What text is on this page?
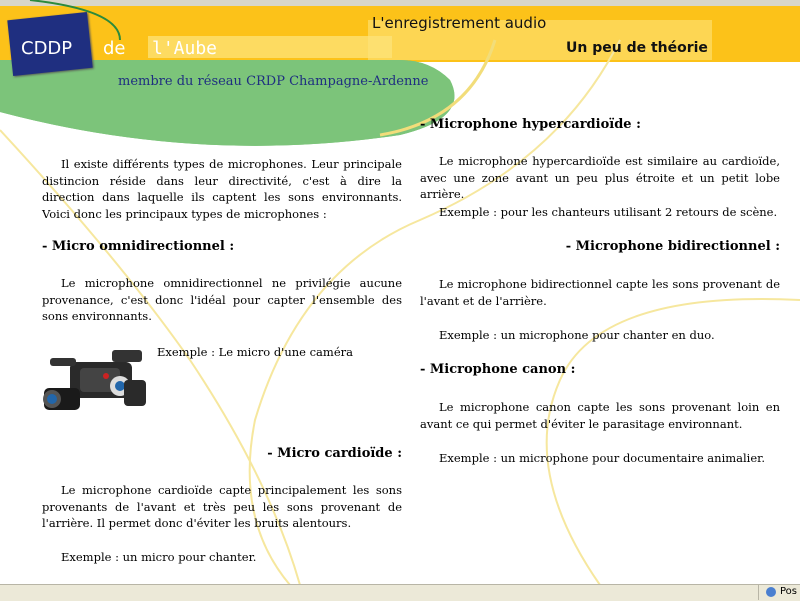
CDDP de l'Aube
L'enregistrement audio
Un peu de théorie
membre du réseau CRDP Champagne-Ardenne

Il existe différents types de microphones. Leur principale distincion réside dans leur directivité, c'est à dire la direction dans laquelle ils captent les sons environnants. Voici donc les principaux types de microphones :

- Micro omnidirectionnel :

Le microphone omnidirectionnel ne privilégie aucune provenance, c'est donc l'idéal pour capter l'ensemble des sons environnants.

Exemple : Le micro d'une caméra
- Micro cardioïde :

Le microphone cardioïde capte principalement les sons provenants de l'avant et très peu les sons provenant de l'arrière. Il permet donc d'éviter les bruits alentours.

Exemple : un micro pour chanter.

- Microphone hypercardioïde :

Le microphone hypercardioïde est similaire au cardioïde, avec une zone avant un peu plus étroite et un petit lobe arrière.

Exemple : pour les chanteurs utilisant 2 retours de scène.

- Microphone bidirectionnel :

Le microphone bidirectionnel capte les sons provenant de l'avant et de l'arrière.

Exemple : un microphone pour chanter en duo.

- Microphone canon :

Le microphone canon capte les sons provenant loin en avant ce qui permet d'éviter le parasitage environnant.

Exemple : un microphone pour documentaire animalier.

Pos
